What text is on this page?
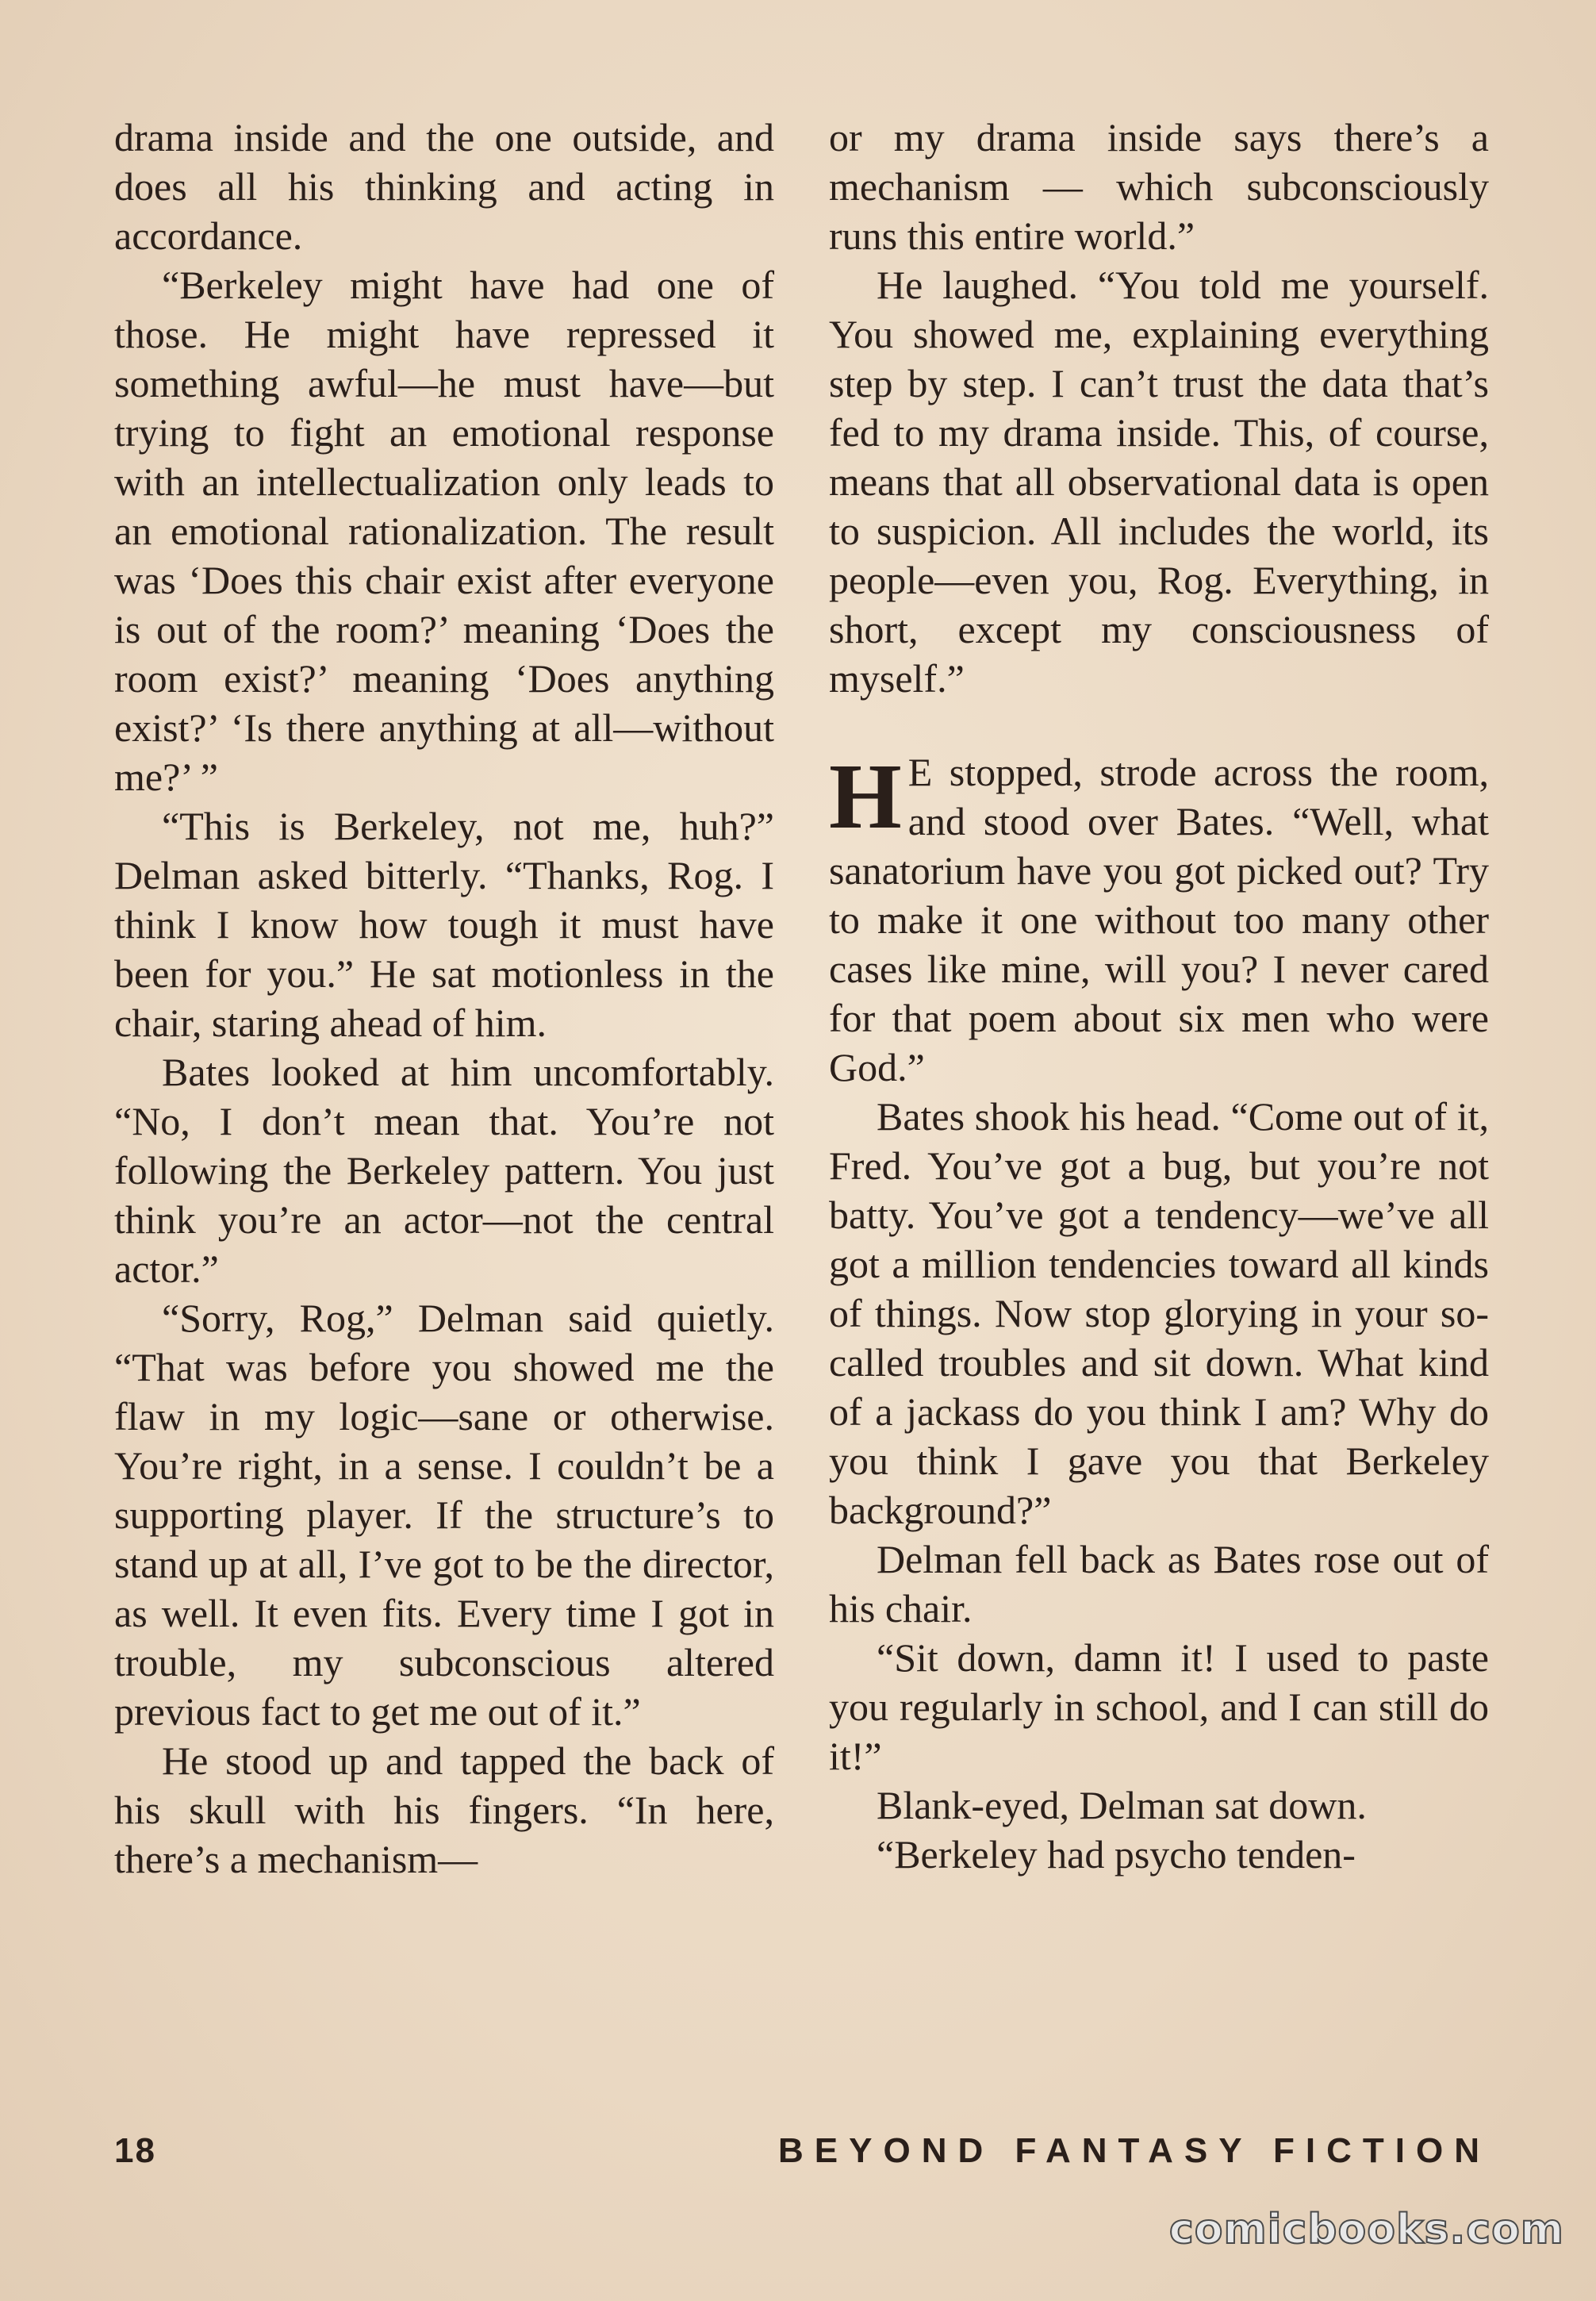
drama inside and the one outside, and does all his thinking and acting in accordance.

“Berkeley might have had one of those. He might have repressed it something awful—he must have—but trying to fight an emotional response with an intellectualization only leads to an emotional rationalization. The result was ‘Does this chair exist after everyone is out of the room?’ meaning ‘Does the room exist?’ meaning ‘Does anything exist?’ ‘Is there anything at all—without me?’ ”

“This is Berkeley, not me, huh?” Delman asked bitterly. “Thanks, Rog. I think I know how tough it must have been for you.” He sat motionless in the chair, staring ahead of him.

Bates looked at him uncomfortably. “No, I don’t mean that. You’re not following the Berkeley pattern. You just think you’re an actor—not the central actor.”

“Sorry, Rog,” Delman said quietly. “That was before you showed me the flaw in my logic—sane or otherwise. You’re right, in a sense. I couldn’t be a supporting player. If the structure’s to stand up at all, I’ve got to be the director, as well. It even fits. Every time I got in trouble, my subconscious altered previous fact to get me out of it.”

He stood up and tapped the back of his skull with his fingers. “In here, there’s a mechanism—

or my drama inside says there’s a mechanism — which subconsciously runs this entire world.”

He laughed. “You told me yourself. You showed me, explaining everything step by step. I can’t trust the data that’s fed to my drama inside. This, of course, means that all observational data is open to suspicion. All includes the world, its people—even you, Rog. Everything, in short, except my consciousness of myself.”

H E stopped, strode across the room, and stood over Bates. “Well, what sanatorium have you got picked out? Try to make it one without too many other cases like mine, will you? I never cared for that poem about six men who were God.”

Bates shook his head. “Come out of it, Fred. You’ve got a bug, but you’re not batty. You’ve got a tendency—we’ve all got a million tendencies toward all kinds of things. Now stop glorying in your so-called troubles and sit down. What kind of a jackass do you think I am? Why do you think I gave you that Berkeley background?”

Delman fell back as Bates rose out of his chair.

“Sit down, damn it! I used to paste you regularly in school, and I can still do it!”

Blank-eyed, Delman sat down.

“Berkeley had psycho tenden-

18	BEYOND FANTASY FICTION
comicbooks.com
